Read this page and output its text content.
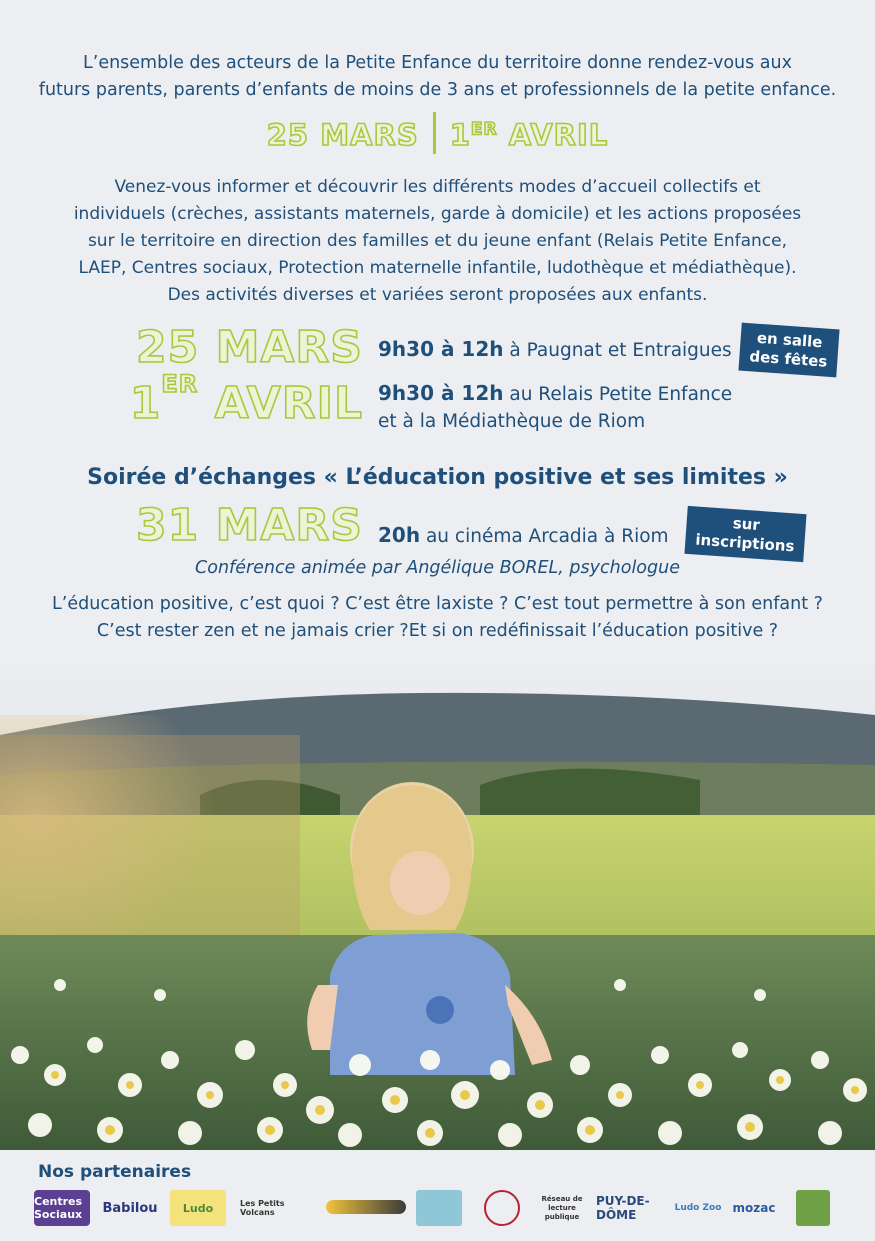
L’ensemble des acteurs de la Petite Enfance du territoire donne rendez-vous aux
futurs parents, parents d’enfants de moins de 3 ans et professionnels de la petite enfance.
25 MARS 1ER AVRIL
Venez-vous informer et découvrir les différents modes d’accueil collectifs et
individuels (crèches, assistants maternels, garde à domicile) et les actions proposées
sur le territoire en direction des familles et du jeune enfant (Relais Petite Enfance,
LAEP, Centres sociaux, Protection maternelle infantile, ludothèque et médiathèque).
Des activités diverses et variées seront proposées aux enfants.
25 MARS 9h30 à 12h à Paugnat et Entraigues	en salle
des fêtes
1ER AVRIL 9h30 à 12h au Relais Petite Enfance
et à la Médiathèque de Riom
Soirée d’échanges « L’éducation positive et ses limites »
31 MARS 20h au cinéma Arcadia à Riom
sur
inscriptions
Conférence animée par Angélique BOREL, psychologue
L’éducation positive, c’est quoi ? C’est être laxiste ? C’est tout permettre à son enfant ?
C’est rester zen et ne jamais crier ?Et si on redéfinissait l’éducation positive ?
Nos partenaires
Centres Sociaux	Babilou	Ludo	Les Petits Volcans
Réseau de lecture publique
PUY-DE-DÔME	Ludo Zoo mozac
